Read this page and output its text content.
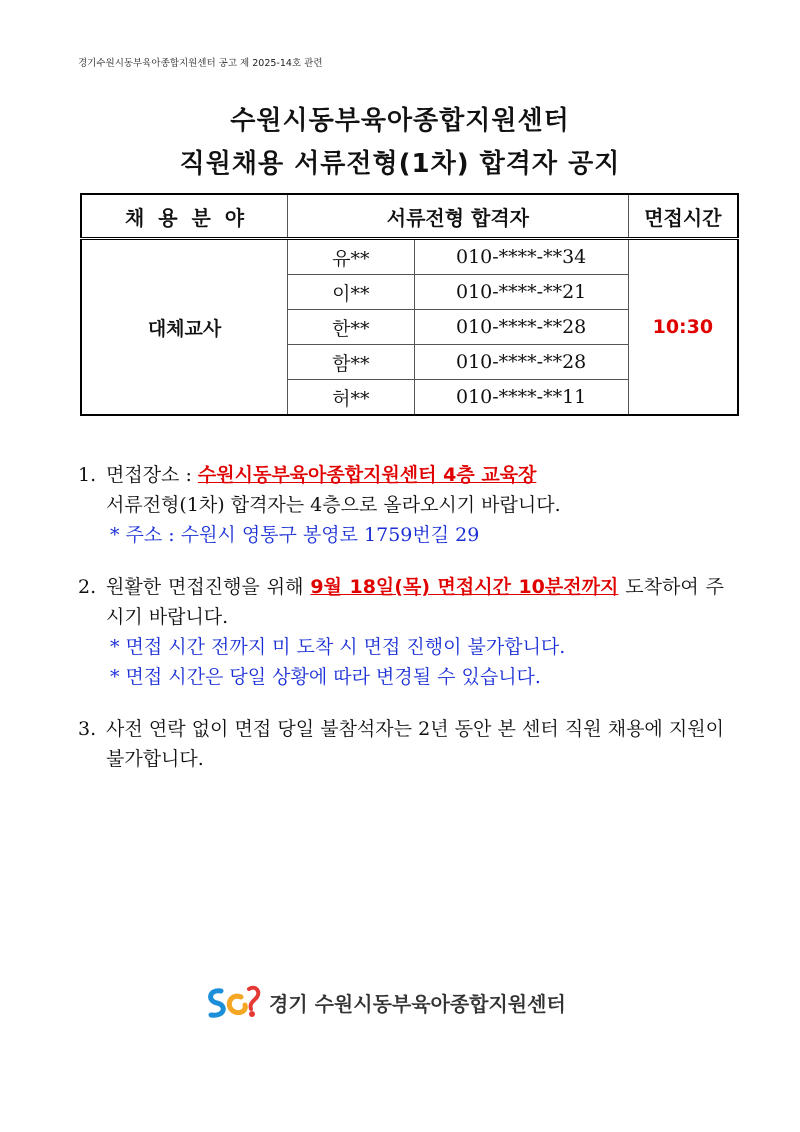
경기수원시동부육아종합지원센터 공고 제 2025-14호 관련
수원시동부육아종합지원센터
직원채용 서류전형(1차) 합격자 공지
채  용  분  야	서류전형 합격자		면접시간
대체교사	유**	010-****-**34	10:30
	이**	010-****-**21	
	한**	010-****-**28	
	함**	010-****-**28	
	허**	010-****-**11	
1. 면접장소 : 수원시동부육아종합지원센터 4층 교육장
서류전형(1차) 합격자는 4층으로 올라오시기 바랍니다.
* 주소 : 수원시 영통구 봉영로 1759번길 29
2. 원활한 면접진행을 위해 9월 18일(목) 면접시간 10분전까지 도착하여 주시기 바랍니다.
* 면접 시간 전까지 미 도착 시 면접 진행이 불가합니다.
* 면접 시간은 당일 상황에 따라 변경될 수 있습니다.
3. 사전 연락 없이 면접 당일 불참석자는 2년 동안 본 센터 직원 채용에 지원이 불가합니다.
경기 수원시동부육아종합지원센터
